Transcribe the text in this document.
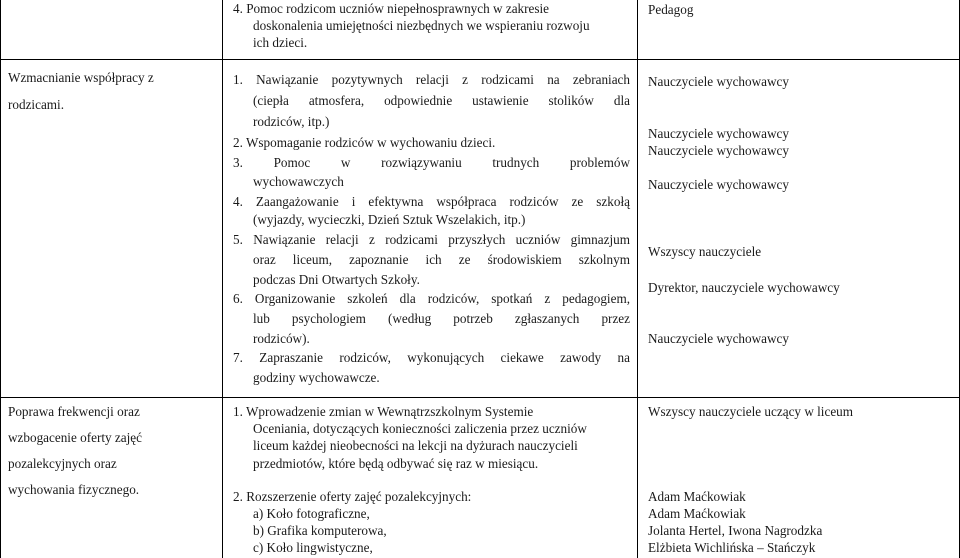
4. Pomoc rodzicom uczniów niepełnosprawnych w zakresie
doskonalenia umiejętności niezbędnych we wspieraniu rozwoju
ich dzieci.
Pedagog
Wzmacnianie współpracy z
rodzicami.
1. Nawiązanie pozytywnych relacji z rodzicami na zebraniach
(ciepła atmosfera, odpowiednie ustawienie stolików dla
rodziców, itp.)
2. Wspomaganie rodziców w wychowaniu dzieci.
3. Pomoc w rozwiązywaniu trudnych problemów
wychowawczych
4. Zaangażowanie i efektywna współpraca rodziców ze szkołą
(wyjazdy, wycieczki, Dzień Sztuk Wszelakich, itp.)
5. Nawiązanie relacji z rodzicami przyszłych uczniów gimnazjum
oraz liceum, zapoznanie ich ze środowiskiem szkolnym
podczas Dni Otwartych Szkoły.
6. Organizowanie szkoleń dla rodziców, spotkań z pedagogiem,
lub psychologiem (według potrzeb zgłaszanych przez
rodziców).
7. Zapraszanie rodziców, wykonujących ciekawe zawody na
godziny wychowawcze.
Nauczyciele wychowawcy
Nauczyciele wychowawcy
Nauczyciele wychowawcy
Nauczyciele wychowawcy
Wszyscy nauczyciele
Dyrektor, nauczyciele wychowawcy
Nauczyciele wychowawcy
Poprawa frekwencji oraz
wzbogacenie oferty zajęć
pozalekcyjnych oraz
wychowania fizycznego.
1. Wprowadzenie zmian w Wewnątrzszkolnym Systemie
Oceniania, dotyczących konieczności zaliczenia przez uczniów
liceum każdej nieobecności na lekcji na dyżurach nauczycieli
przedmiotów, które będą odbywać się raz w miesiącu.
2. Rozszerzenie oferty zajęć pozalekcyjnych:
a) Koło fotograficzne,
b) Grafika komputerowa,
c) Koło lingwistyczne,
Wszyscy nauczyciele uczący w liceum
Adam Maćkowiak
Adam Maćkowiak
Jolanta Hertel, Iwona Nagrodzka
Elżbieta Wichlińska – Stańczyk
